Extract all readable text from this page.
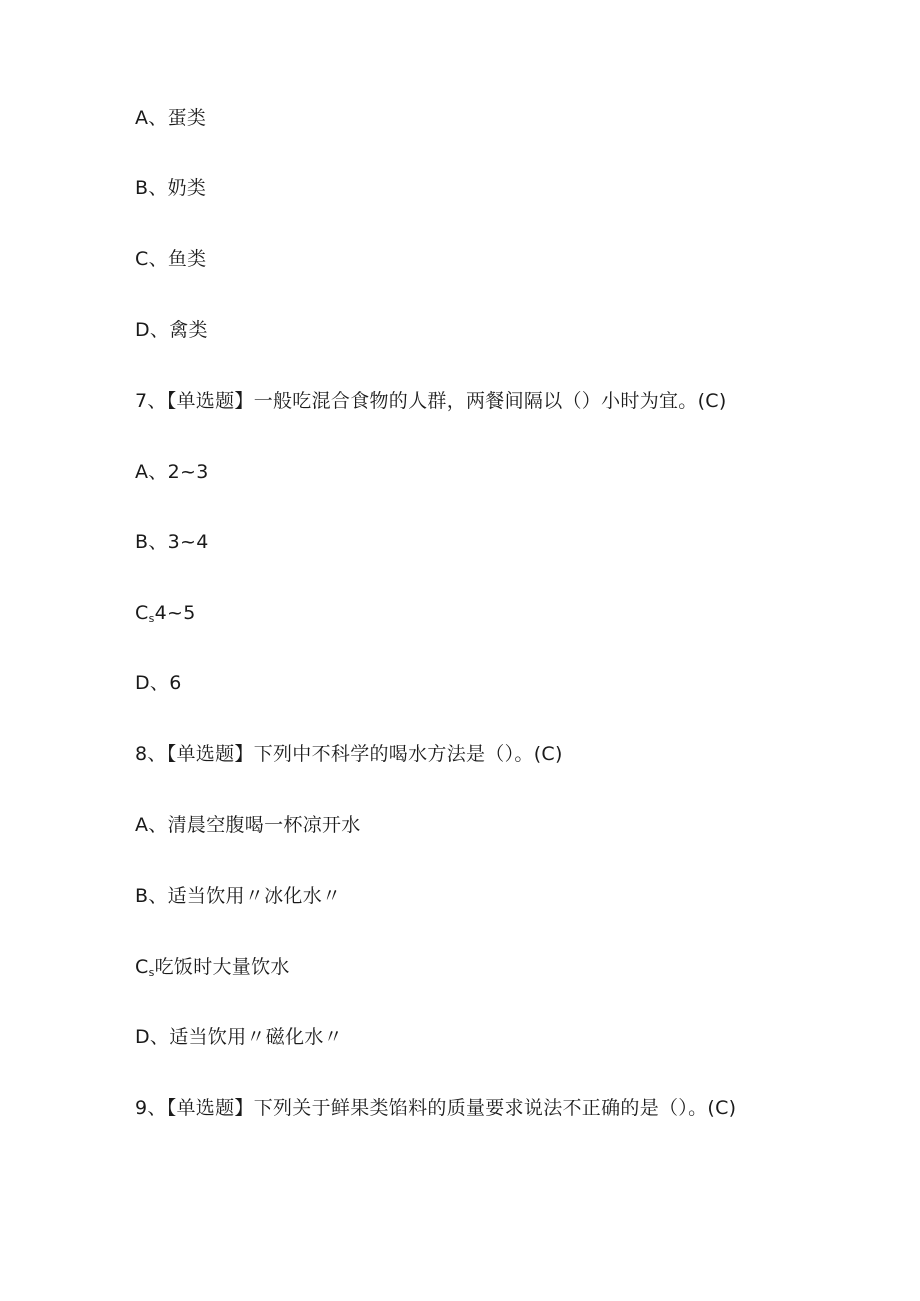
A、蛋类
B、奶类
C、鱼类
D、禽类
7、【单选题】一般吃混合食物的人群，两餐间隔以（）小时为宜。(C)
A、2~3
B、3~4
$C_s4\sim 5$
D、6
8、【单选题】下列中不科学的喝水方法是（）。(C)
A、清晨空腹喝一杯凉开水
B、适当饮用〃冰化水〃
$C_s$吃饭时大量饮水
D、适当饮用〃磁化水〃
9、【单选题】下列关于鲜果类馅料的质量要求说法不正确的是（）。(C)
